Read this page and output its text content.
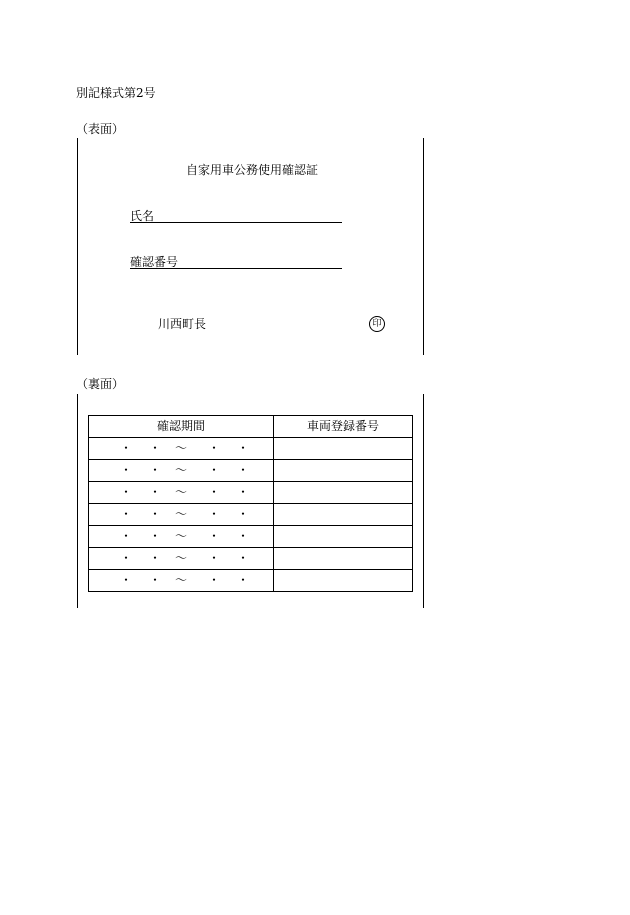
別記様式第2号
（表面）
自家用車公務使用確認証
氏名
確認番号
川西町長	印
（裏面）
確認期間	車両登録番号

・ ・ 〜 ・ ・	

・ ・ 〜 ・ ・	

・ ・ 〜 ・ ・	

・ ・ 〜 ・ ・	

・ ・ 〜 ・ ・	

・ ・ 〜 ・ ・	

・ ・ 〜 ・ ・	
